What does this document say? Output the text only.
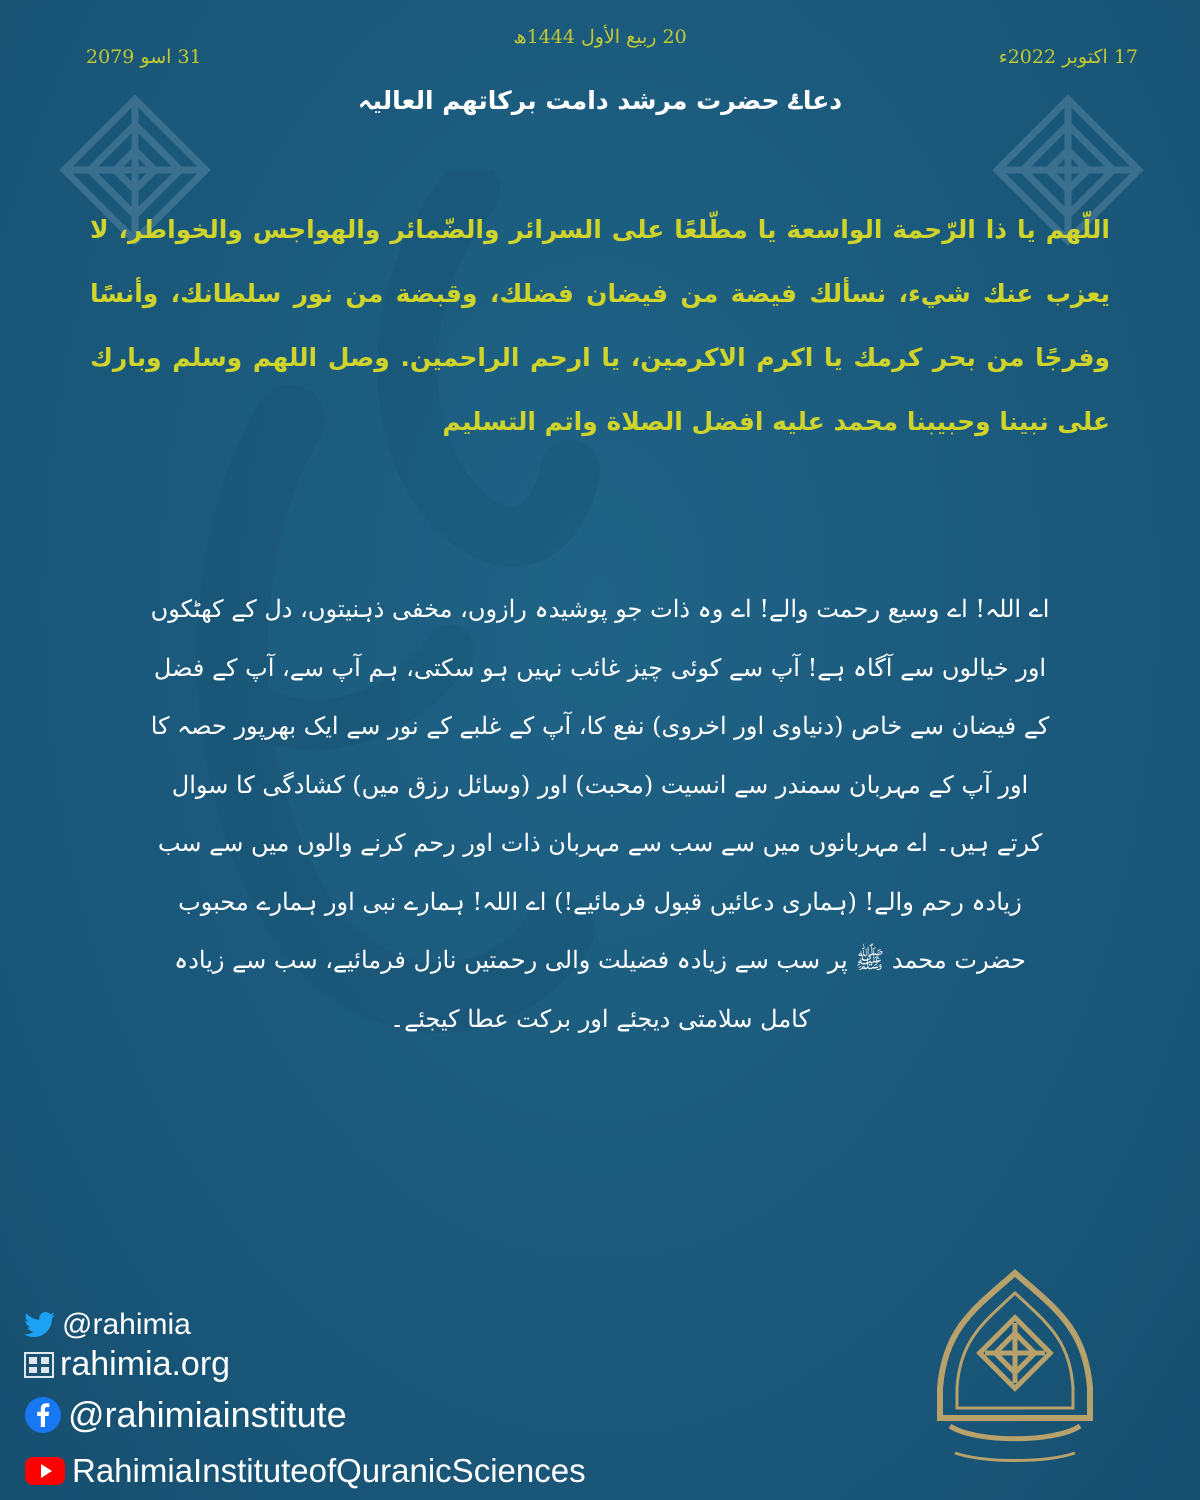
20 ربیع الأول 1444ھ
17 اکتوبر 2022ء
31 اسو 2079
دعاۓ حضرت مرشد دامت برکاتھم العالیہ
اللّھم یا ذا الرّحمة الواسعة یا مطّلعًا علی السرائر والضّمائر والھواجس والخواطر، لا یعزب عنك شيء، نسألك فیضة من فیضان فضلك، وقبضة من نور سلطانك، وأنسًا وفرجًا من بحر كرمك یا اكرم الاكرمین، یا ارحم الراحمین. وصل اللھم وسلم وبارك علی نبینا وحبیبنا محمد علیه افضل الصلاة واتم التسلیم
اے اللہ! اے وسیع رحمت والے! اے وہ ذات جو پوشیدہ رازوں، مخفی ذہنیتوں، دل کے کھٹکوں اور خیالوں سے آگاہ ہے! آپ سے کوئی چیز غائب نہیں ہو سکتی، ہم آپ سے، آپ کے فضل کے فیضان سے خاص (دنیاوی اور اخروی) نفع کا، آپ کے غلبے کے نور سے ایک بھرپور حصہ کا اور آپ کے مہربان سمندر سے انسیت (محبت) اور (وسائل رزق میں) کشادگی کا سوال کرتے ہیں۔ اے مہربانوں میں سے سب سے مہربان ذات اور رحم کرنے والوں میں سے سب زیادہ رحم والے! (ہماری دعائیں قبول فرمائیے!) اے اللہ! ہمارے نبی اور ہمارے محبوب حضرت محمد ﷺ پر سب سے زیادہ فضیلت والی رحمتیں نازل فرمائیے، سب سے زیادہ کامل سلامتی دیجئے اور برکت عطا کیجئے۔
@rahimia
rahimia.org
@rahimiainstitute
RahimiaInstituteofQuranicSciences
